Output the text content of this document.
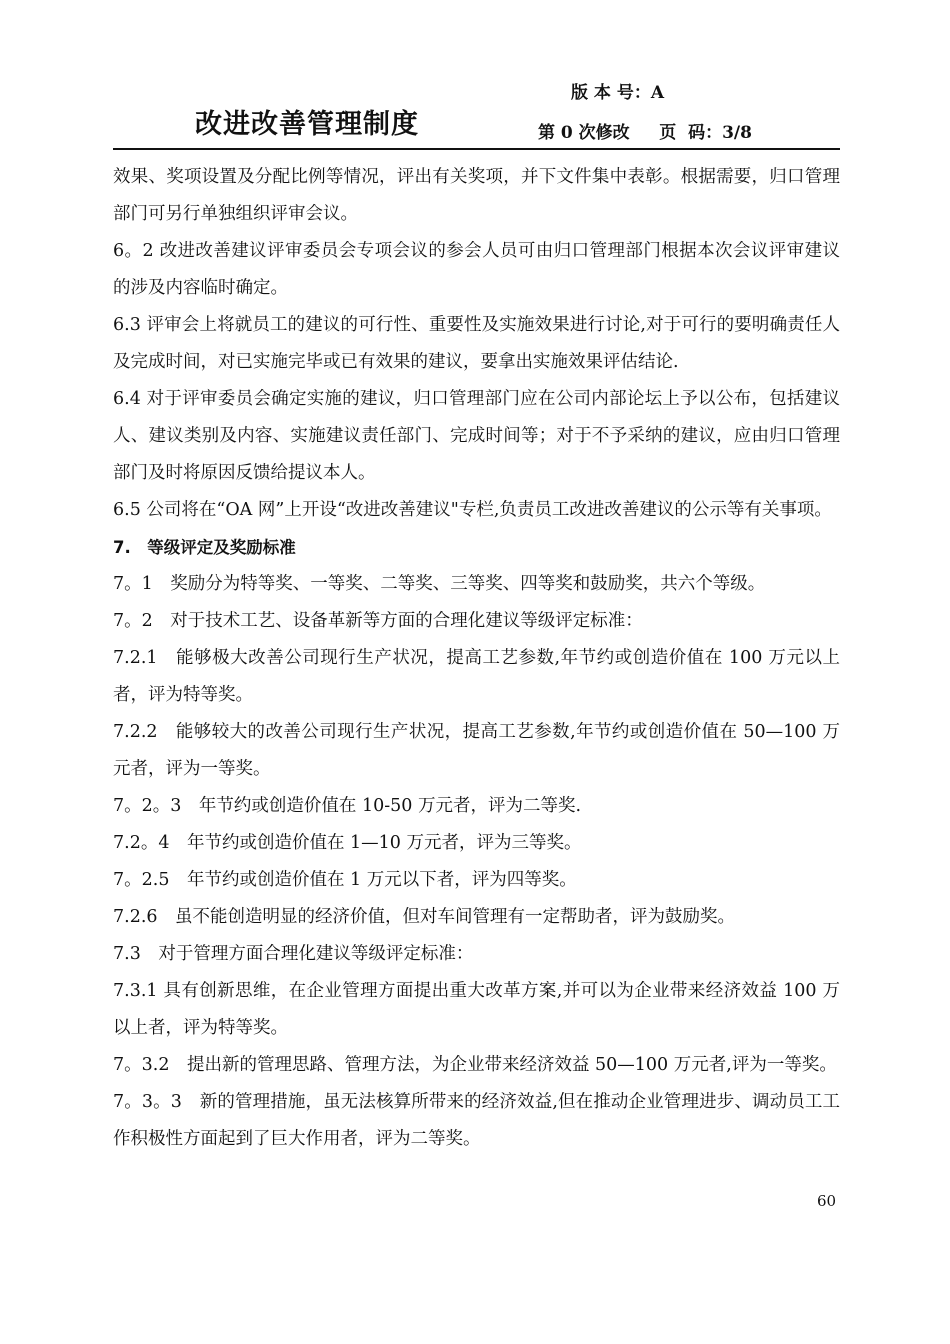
改进改善管理制度
版 本 号：A
第 0 次修改     页  码：3/8

效果、奖项设置及分配比例等情况，评出有关奖项，并下文件集中表彰。根据需要，归口管理部门可另行单独组织评审会议。

6。2 改进改善建议评审委员会专项会议的参会人员可由归口管理部门根据本次会议评审建议的涉及内容临时确定。

6.3 评审会上将就员工的建议的可行性、重要性及实施效果进行讨论,对于可行的要明确责任人及完成时间，对已实施完毕或已有效果的建议，要拿出实施效果评估结论.

6.4 对于评审委员会确定实施的建议，归口管理部门应在公司内部论坛上予以公布，包括建议人、建议类别及内容、实施建议责任部门、完成时间等；对于不予采纳的建议，应由归口管理部门及时将原因反馈给提议本人。

6.5 公司将在“OA 网”上开设“改进改善建议"专栏,负责员工改进改善建议的公示等有关事项。

7.　等级评定及奖励标准

7。1　奖励分为特等奖、一等奖、二等奖、三等奖、四等奖和鼓励奖，共六个等级。

7。2　对于技术工艺、设备革新等方面的合理化建议等级评定标准：

7.2.1　能够极大改善公司现行生产状况，提高工艺参数,年节约或创造价值在 100 万元以上者，评为特等奖。

7.2.2　能够较大的改善公司现行生产状况，提高工艺参数,年节约或创造价值在 50—100 万元者，评为一等奖。

7。2。3　年节约或创造价值在 10-50 万元者，评为二等奖.

7.2。4　年节约或创造价值在 1—10 万元者，评为三等奖。

7。2.5　年节约或创造价值在 1 万元以下者，评为四等奖。

7.2.6　虽不能创造明显的经济价值，但对车间管理有一定帮助者，评为鼓励奖。

7.3　对于管理方面合理化建议等级评定标准：

7.3.1 具有创新思维，在企业管理方面提出重大改革方案,并可以为企业带来经济效益 100 万以上者，评为特等奖。

7。3.2　提出新的管理思路、管理方法，为企业带来经济效益 50—100 万元者,评为一等奖。

7。3。3　新的管理措施，虽无法核算所带来的经济效益,但在推动企业管理进步、调动员工工作积极性方面起到了巨大作用者，评为二等奖。

60
